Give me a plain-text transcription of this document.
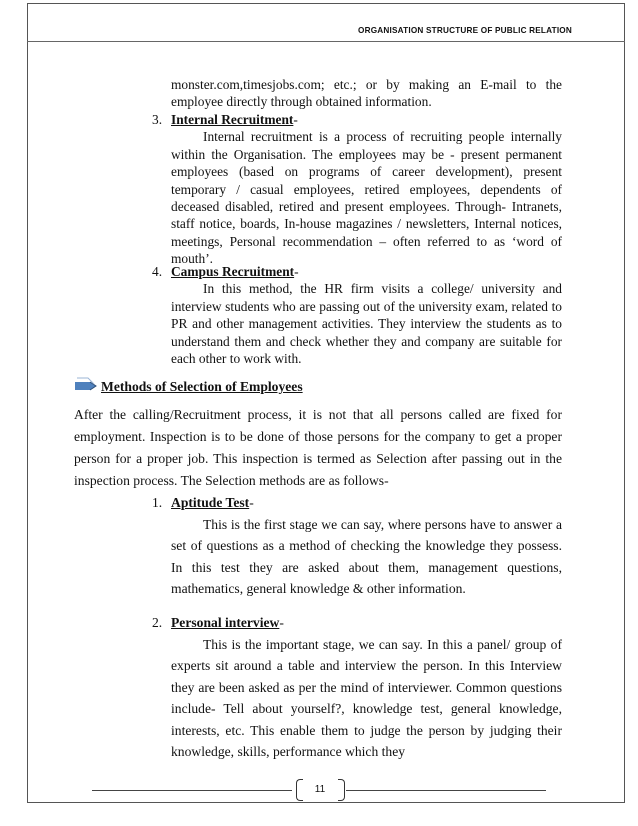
ORGANISATION STRUCTURE OF PUBLIC RELATION
monster.com,timesjobs.com; etc.; or by making an E-mail to the employee directly through obtained information.
3. Internal Recruitment-
Internal recruitment is a process of recruiting people internally within the Organisation. The employees may be - present permanent employees (based on programs of career development), present temporary / casual employees, retired employees, dependents of deceased disabled, retired and present employees. Through- Intranets, staff notice, boards, In-house magazines / newsletters, Internal notices, meetings, Personal recommendation – often referred to as ‘word of mouth’.
4. Campus Recruitment-
In this method, the HR firm visits a college/ university and interview students who are passing out of the university exam, related to PR and other management activities. They interview the students as to understand them and check whether they and company are suitable for each other to work with.
Methods of Selection of Employees
After the calling/Recruitment process, it is not that all persons called are fixed for employment. Inspection is to be done of those persons for the company to get a proper person for a proper job. This inspection is termed as Selection after passing out in the inspection process. The Selection methods are as follows-
1. Aptitude Test-
This is the first stage we can say, where persons have to answer a set of questions as a method of checking the knowledge they possess. In this test they are asked about them, management questions, mathematics, general knowledge & other information.
2. Personal interview-
This is the important stage, we can say. In this a panel/ group of experts sit around a table and interview the person. In this Interview they are been asked as per the mind of interviewer. Common questions include- Tell about yourself?, knowledge test, general knowledge, interests, etc. This enable them to judge the person by judging their knowledge, skills, performance which they
11
